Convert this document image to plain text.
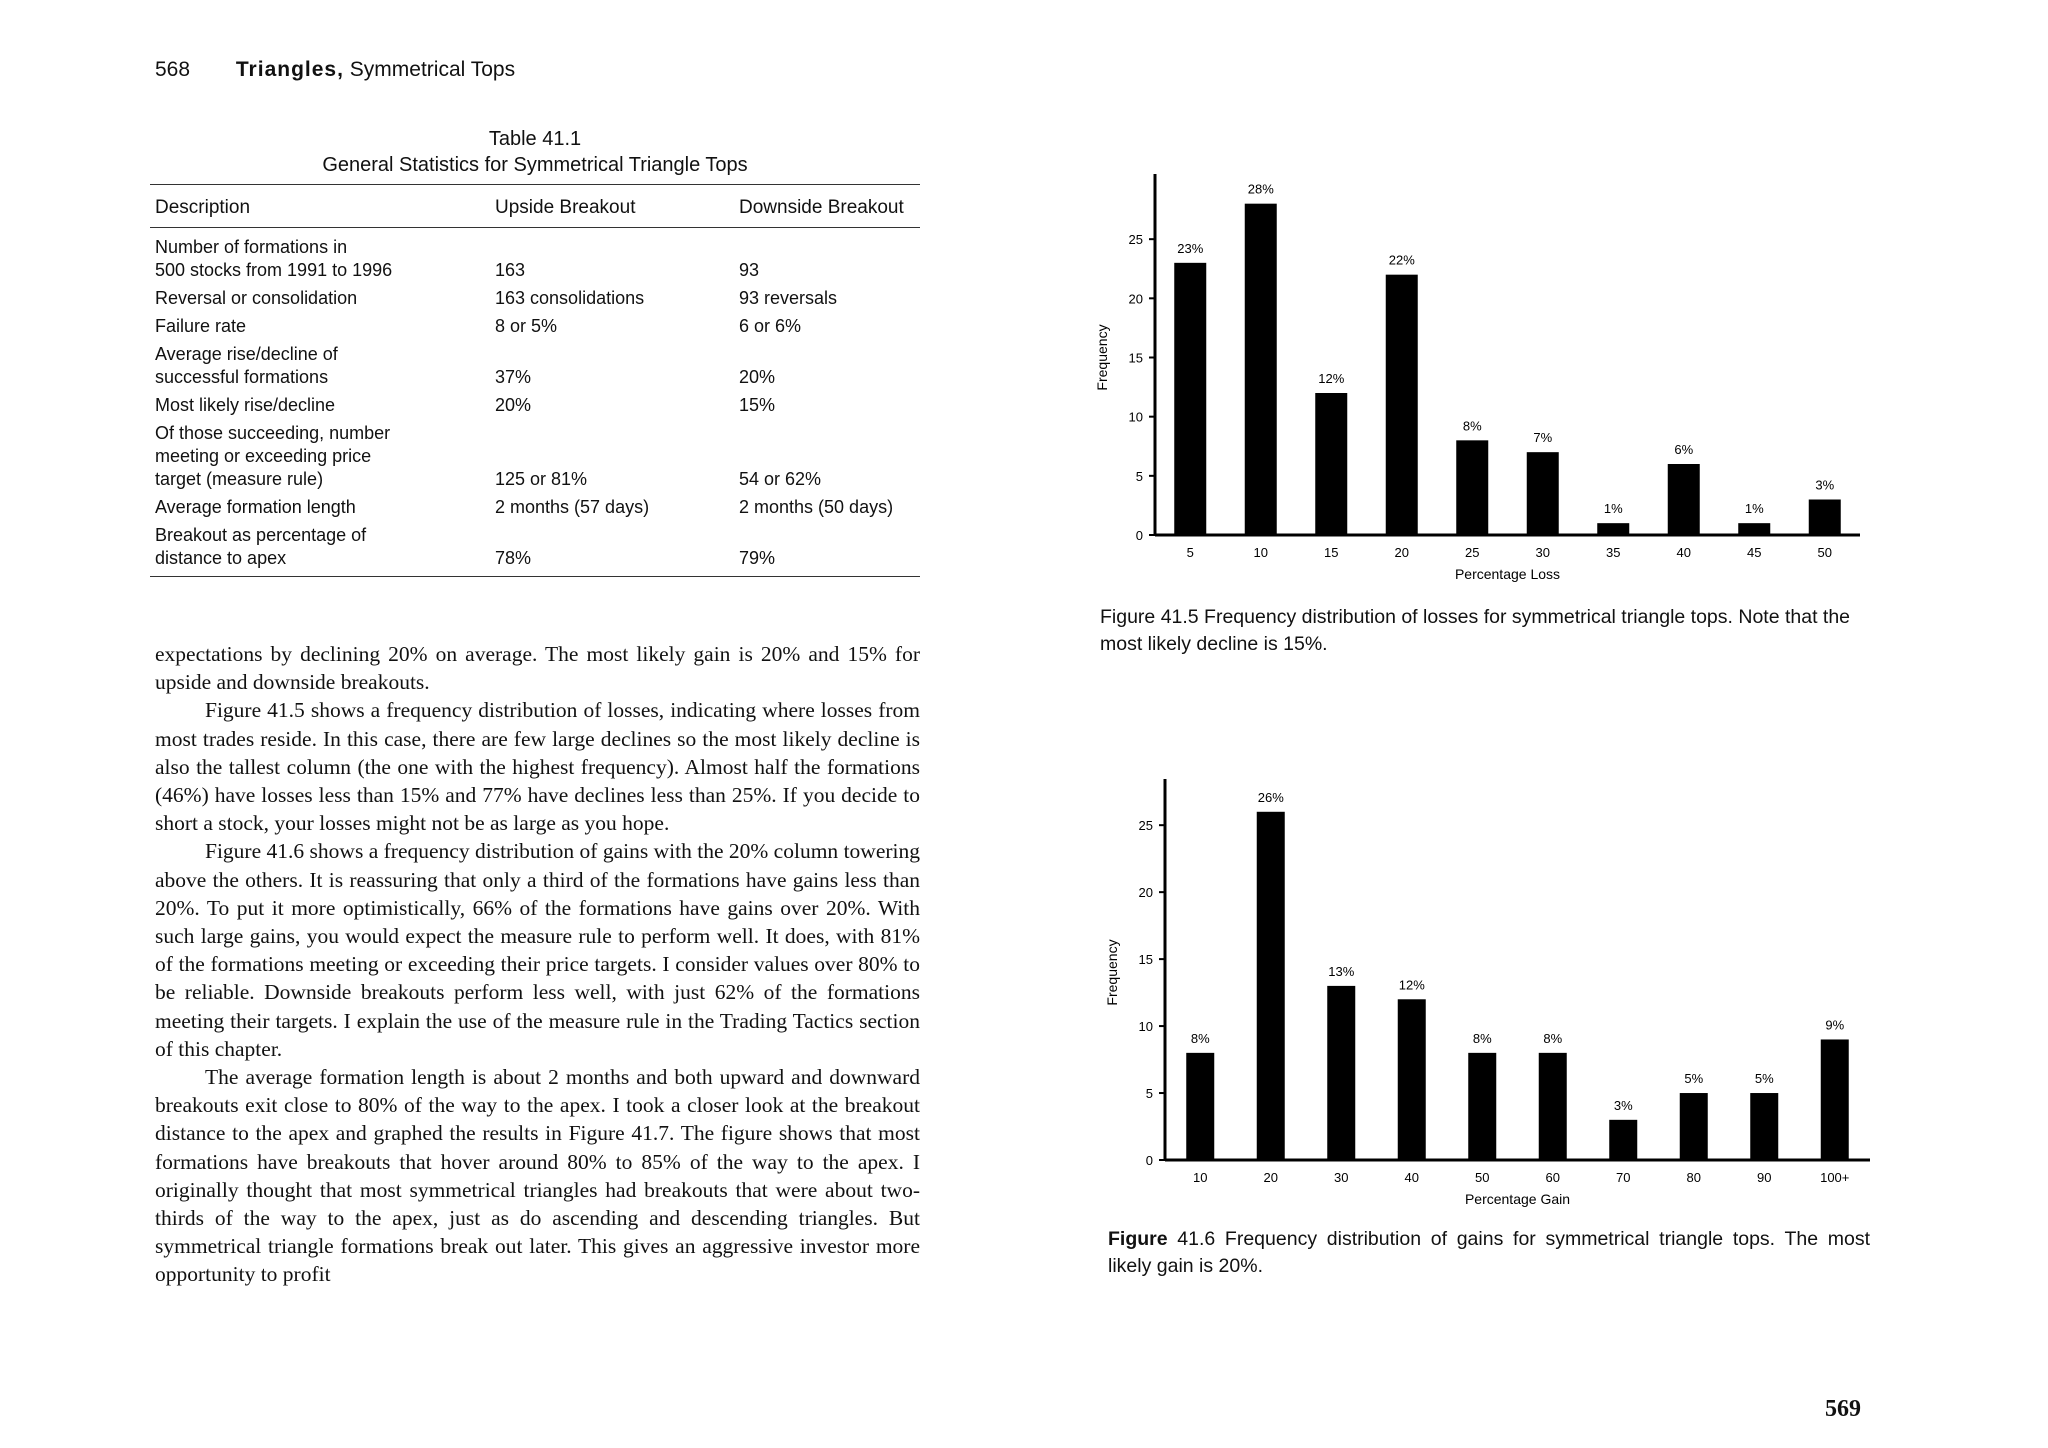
568 Triangles, Symmetrical Tops
Table 41.1
General Statistics for Symmetrical Triangle Tops
Description	Upside Breakout	Downside Breakout
Number of formations in
500 stocks from 1991 to 1996	163	93
Reversal or consolidation	163 consolidations	93 reversals
Failure rate	8 or 5%	6 or 6%
Average rise/decline of
successful formations	37%	20%
Most likely rise/decline	20%	15%
Of those succeeding, number
meeting or exceeding price
target (measure rule)	125 or 81%	54 or 62%
Average formation length	2 months (57 days)	2 months (50 days)
Breakout as percentage of
distance to apex	78%	79%

expectations by declining 20% on average. The most likely gain is 20% and 15% for upside and downside breakouts.

Figure 41.5 shows a frequency distribution of losses, indicating where losses from most trades reside. In this case, there are few large declines so the most likely decline is also the tallest column (the one with the highest frequency). Almost half the formations (46%) have losses less than 15% and 77% have declines less than 25%. If you decide to short a stock, your losses might not be as large as you hope.

Figure 41.6 shows a frequency distribution of gains with the 20% column towering above the others. It is reassuring that only a third of the formations have gains less than 20%. To put it more optimistically, 66% of the formations have gains over 20%. With such large gains, you would expect the measure rule to perform well. It does, with 81% of the formations meeting or exceeding their price targets. I consider values over 80% to be reliable. Downside breakouts perform less well, with just 62% of the formations meeting their targets. I explain the use of the measure rule in the Trading Tactics section of this chapter.

The average formation length is about 2 months and both upward and downward breakouts exit close to 80% of the way to the apex. I took a closer look at the breakout distance to the apex and graphed the results in Figure 41.7. The figure shows that most formations have breakouts that hover around 80% to 85% of the way to the apex. I originally thought that most symmetrical triangles had breakouts that were about two-thirds of the way to the apex, just as do ascending and descending triangles. But symmetrical triangle formations break out later. This gives an aggressive investor more opportunity to profit

0
5
10
15
20
25
Frequency
23%
5
28%
10
12%
15
22%
20
8%
25
7%
30
1%
35
6%
40
1%
45
3%
50
Percentage Loss
Figure 41.5 Frequency distribution of losses for symmetrical triangle tops. Note that the most likely decline is 15%.
0
5
10
15
20
25
Frequency
8%
10
26%
20
13%
30
12%
40
8%
50
8%
60
3%
70
5%
80
5%
90
9%
100+
Percentage Gain
Figure 41.6 Frequency distribution of gains for symmetrical triangle tops. The most likely gain is 20%.
569
